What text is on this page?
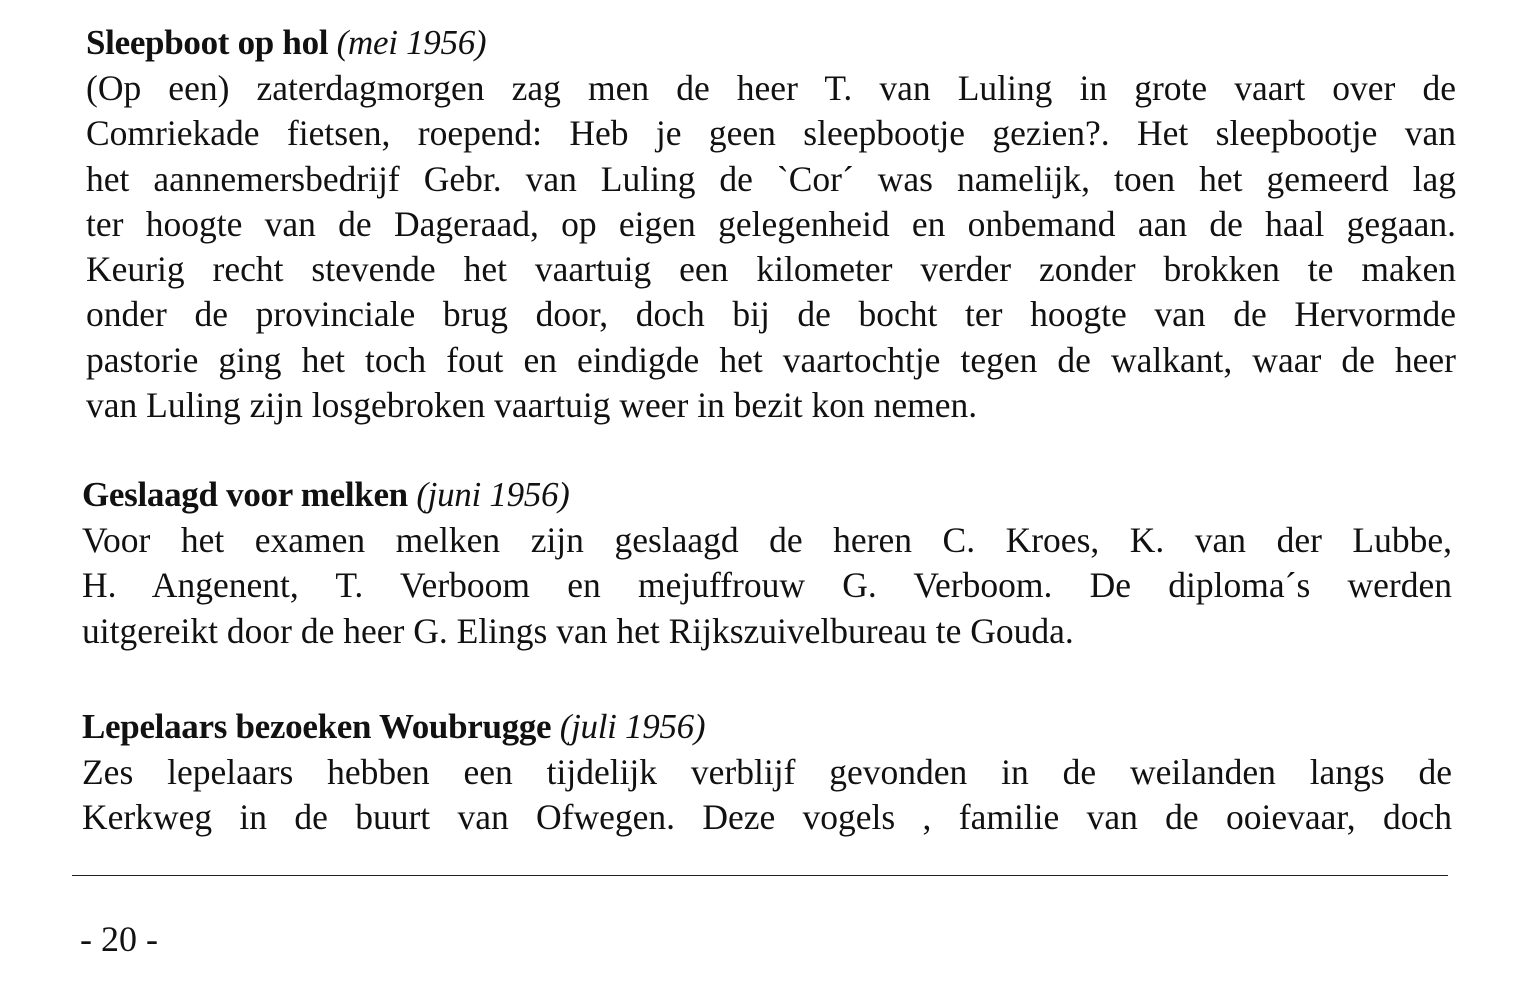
Sleepboot op hol (mei 1956)

(Op een) zaterdagmorgen zag men de heer T. van Luling in grote vaart over de
Comriekade fietsen, roepend: Heb je geen sleepbootje gezien?. Het sleepbootje van
het aannemersbedrijf Gebr. van Luling de `Cor´ was namelijk, toen het gemeerd lag
ter hoogte van de Dageraad, op eigen gelegenheid en onbemand aan de haal gegaan.
Keurig recht stevende het vaartuig een kilometer verder zonder brokken te maken
onder de provinciale brug door, doch bij de bocht ter hoogte van de Hervormde
pastorie ging het toch fout en eindigde het vaartochtje tegen de walkant, waar de heer
van Luling zijn losgebroken vaartuig weer in bezit kon nemen.

Geslaagd voor melken (juni 1956)

Voor het examen melken zijn geslaagd de heren C. Kroes, K. van der Lubbe,
H. Angenent, T. Verboom en mejuffrouw G. Verboom. De diploma´s werden
uitgereikt door de heer G. Elings van het Rijkszuivelbureau te Gouda.

Lepelaars bezoeken Woubrugge (juli 1956)

Zes lepelaars hebben een tijdelijk verblijf gevonden in de weilanden langs de
Kerkweg in de buurt van Ofwegen. Deze vogels , familie van de ooievaar, doch

- 20 -
